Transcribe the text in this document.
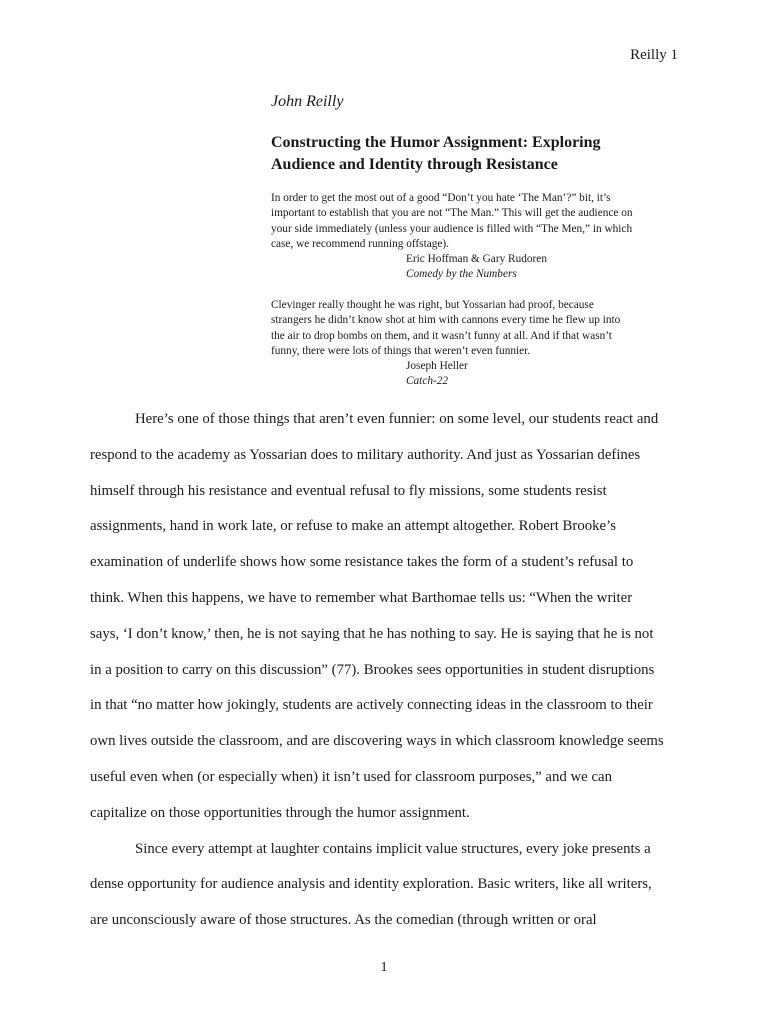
Reilly 1
John Reilly
Constructing the Humor Assignment: Exploring
Audience and Identity through Resistance

In order to get the most out of a good “Don’t you hate ‘The Man’?” bit, it’s

important to establish that you are not “The Man.” This will get the audience on

your side immediately (unless your audience is filled with “The Men,” in which

case, we recommend running offstage).

Eric Hoffman & Gary Rudoren

Comedy by the Numbers

Clevinger really thought he was right, but Yossarian had proof, because

strangers he didn’t know shot at him with cannons every time he flew up into

the air to drop bombs on them, and it wasn’t funny at all. And if that wasn’t

funny, there were lots of things that weren’t even funnier.

Joseph Heller

Catch-22

Here’s one of those things that aren’t even funnier: on some level, our students react and
respond to the academy as Yossarian does to military authority. And just as Yossarian defines
himself through his resistance and eventual refusal to fly missions, some students resist
assignments, hand in work late, or refuse to make an attempt altogether. Robert Brooke’s
examination of underlife shows how some resistance takes the form of a student’s refusal to
think. When this happens, we have to remember what Barthomae tells us: “When the writer
says, ‘I don’t know,’ then, he is not saying that he has nothing to say. He is saying that he is not
in a position to carry on this discussion” (77). Brookes sees opportunities in student disruptions
in that “no matter how jokingly, students are actively connecting ideas in the classroom to their
own lives outside the classroom, and are discovering ways in which classroom knowledge seems
useful even when (or especially when) it isn’t used for classroom purposes,” and we can
capitalize on those opportunities through the humor assignment.
Since every attempt at laughter contains implicit value structures, every joke presents a
dense opportunity for audience analysis and identity exploration. Basic writers, like all writers,
are unconsciously aware of those structures. As the comedian (through written or oral
1
